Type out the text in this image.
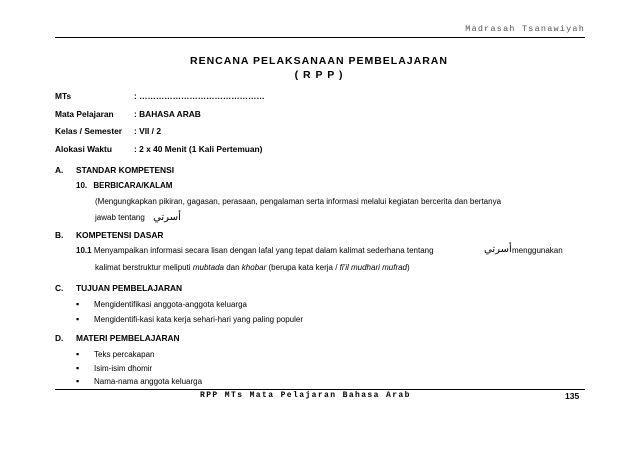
Madrasah Tsanawiyah
RENCANA PELAKSANAAN PEMBELAJARAN
( R P P )
MTs	: ………………………………………
Mata Pelajaran : BAHASA ARAB
Kelas / Semester : VII / 2
Alokasi Waktu	: 2 x 40 Menit (1 Kali Pertemuan)
A. STANDAR KOMPETENSI
10. BERBICARA/KALAM
(Mengungkapkan pikiran, gagasan, perasaan, pengalaman serta informasi melalui kegiatan bercerita dan bertanya
jawab tentang أسرتي
B. KOMPETENSI DASAR
10.1 Menyampaikan informasi secara lisan dengan lafal yang tepat dalam kalimat sederhana tentang	أسرتي menggunakan
kalimat berstruktur meliputi mubtada dan khobar (berupa kata kerja / fi'il mudhari mufrad)
C. TUJUAN PEMBELAJARAN
▪ Mengidentifikasi anggota-anggota keluarga
▪ Mengidentifi-kasi kata kerja sehari-hari yang paling populer
D. MATERI PEMBELAJARAN
▪ Teks percakapan
▪ Isim-isim dhomir
▪ Nama-nama anggota keluarga
RPP MTs Mata Pelajaran Bahasa Arab	135
